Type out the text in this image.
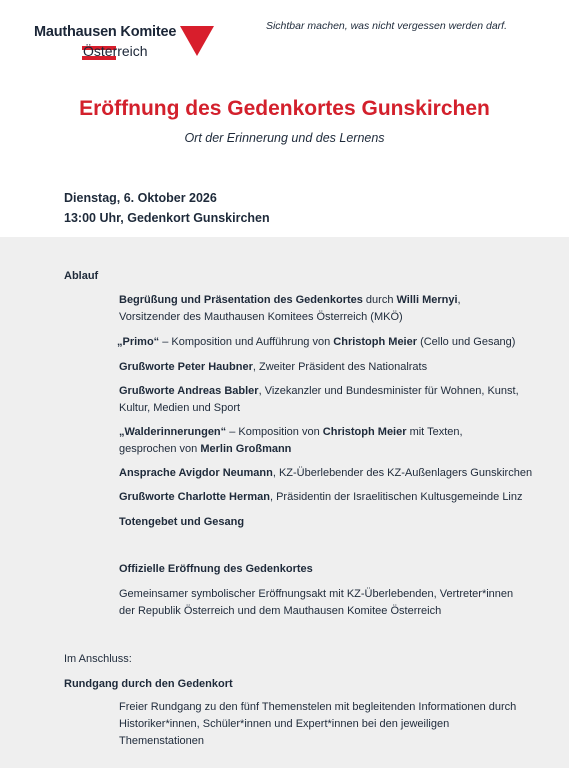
Mauthausen Komitee
Österreich
Sichtbar machen, was nicht vergessen werden darf.
Eröffnung des Gedenkortes Gunskirchen
Ort der Erinnerung und des Lernens
Dienstag, 6. Oktober 2026
13:00 Uhr, Gedenkort Gunskirchen
Ablauf
Begrüßung und Präsentation des Gedenkortes durch Willi Mernyi, Vorsitzender des Mauthausen Komitees Österreich (MKÖ)
„Primo“ – Komposition und Aufführung von Christoph Meier (Cello und Gesang)
Grußworte Peter Haubner, Zweiter Präsident des Nationalrats
Grußworte Andreas Babler, Vizekanzler und Bundesminister für Wohnen, Kunst, Kultur, Medien und Sport
„Walderinnerungen“ – Komposition von Christoph Meier mit Texten, gesprochen von Merlin Großmann
Ansprache Avigdor Neumann, KZ-Überlebender des KZ-Außenlagers Gunskirchen
Grußworte Charlotte Herman, Präsidentin der Israelitischen Kultusgemeinde Linz
Totengebet und Gesang
Offizielle Eröffnung des Gedenkortes
Gemeinsamer symbolischer Eröffnungsakt mit KZ-Überlebenden, Vertreter*innen der Republik Österreich und dem Mauthausen Komitee Österreich
Im Anschluss:
Rundgang durch den Gedenkort
Freier Rundgang zu den fünf Themenstelen mit begleitenden Informationen durch Historiker*innen, Schüler*innen und Expert*innen bei den jeweiligen Themenstationen
